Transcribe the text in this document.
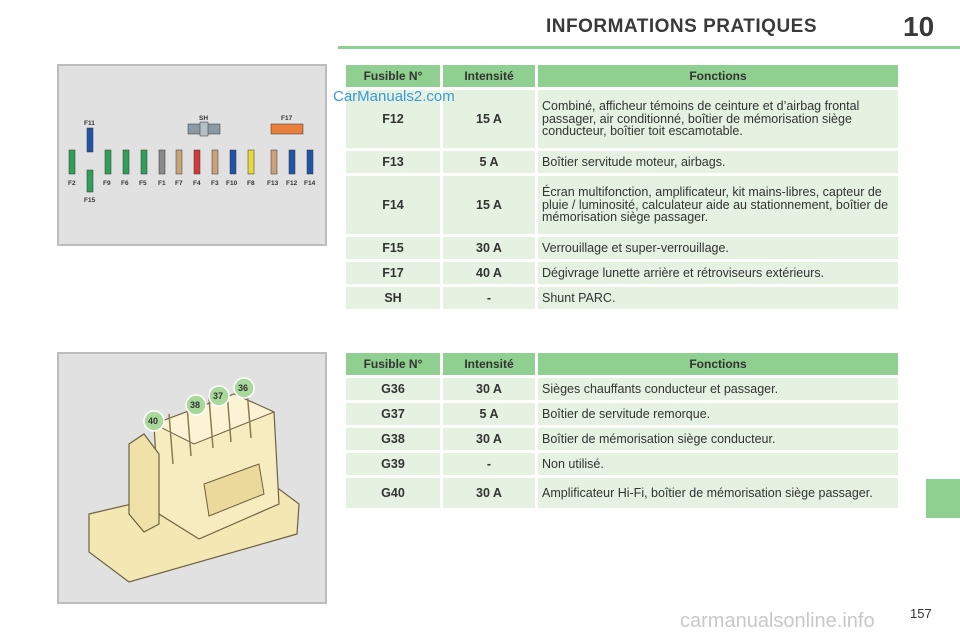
INFORMATIONS PRATIQUES	10
F11
SH	F17
F2	F9 F6 F5 F1 F7 F4 F3 F10 F8 F13 F12 F14
F15
Fusible N°	Intensité	Fonctions
F12	15 A	Combiné, afficheur témoins de ceinture et d’airbag frontal passager, air conditionné, boîtier de mémorisation siège conducteur, boîtier toit escamotable.
F13	5 A	Boîtier servitude moteur, airbags.
F14	15 A	Écran multifonction, amplificateur, kit mains-libres, capteur de pluie / luminosité, calculateur aide au stationnement, boîtier de mémorisation siège passager.
F15	30 A	Verrouillage et super-verrouillage.
F17	40 A	Dégivrage lunette arrière et rétroviseurs extérieurs.
SH	-	Shunt PARC.
40
38
37
36
Fusible N°	Intensité	Fonctions
G36	30 A	Sièges chauffants conducteur et passager.
G37	5 A	Boîtier de servitude remorque.
G38	30 A	Boîtier de mémorisation siège conducteur.
G39	-	Non utilisé.
G40	30 A	Amplificateur Hi-Fi, boîtier de mémorisation siège passager.
157
CarManuals2.com
carmanualsonline.info
